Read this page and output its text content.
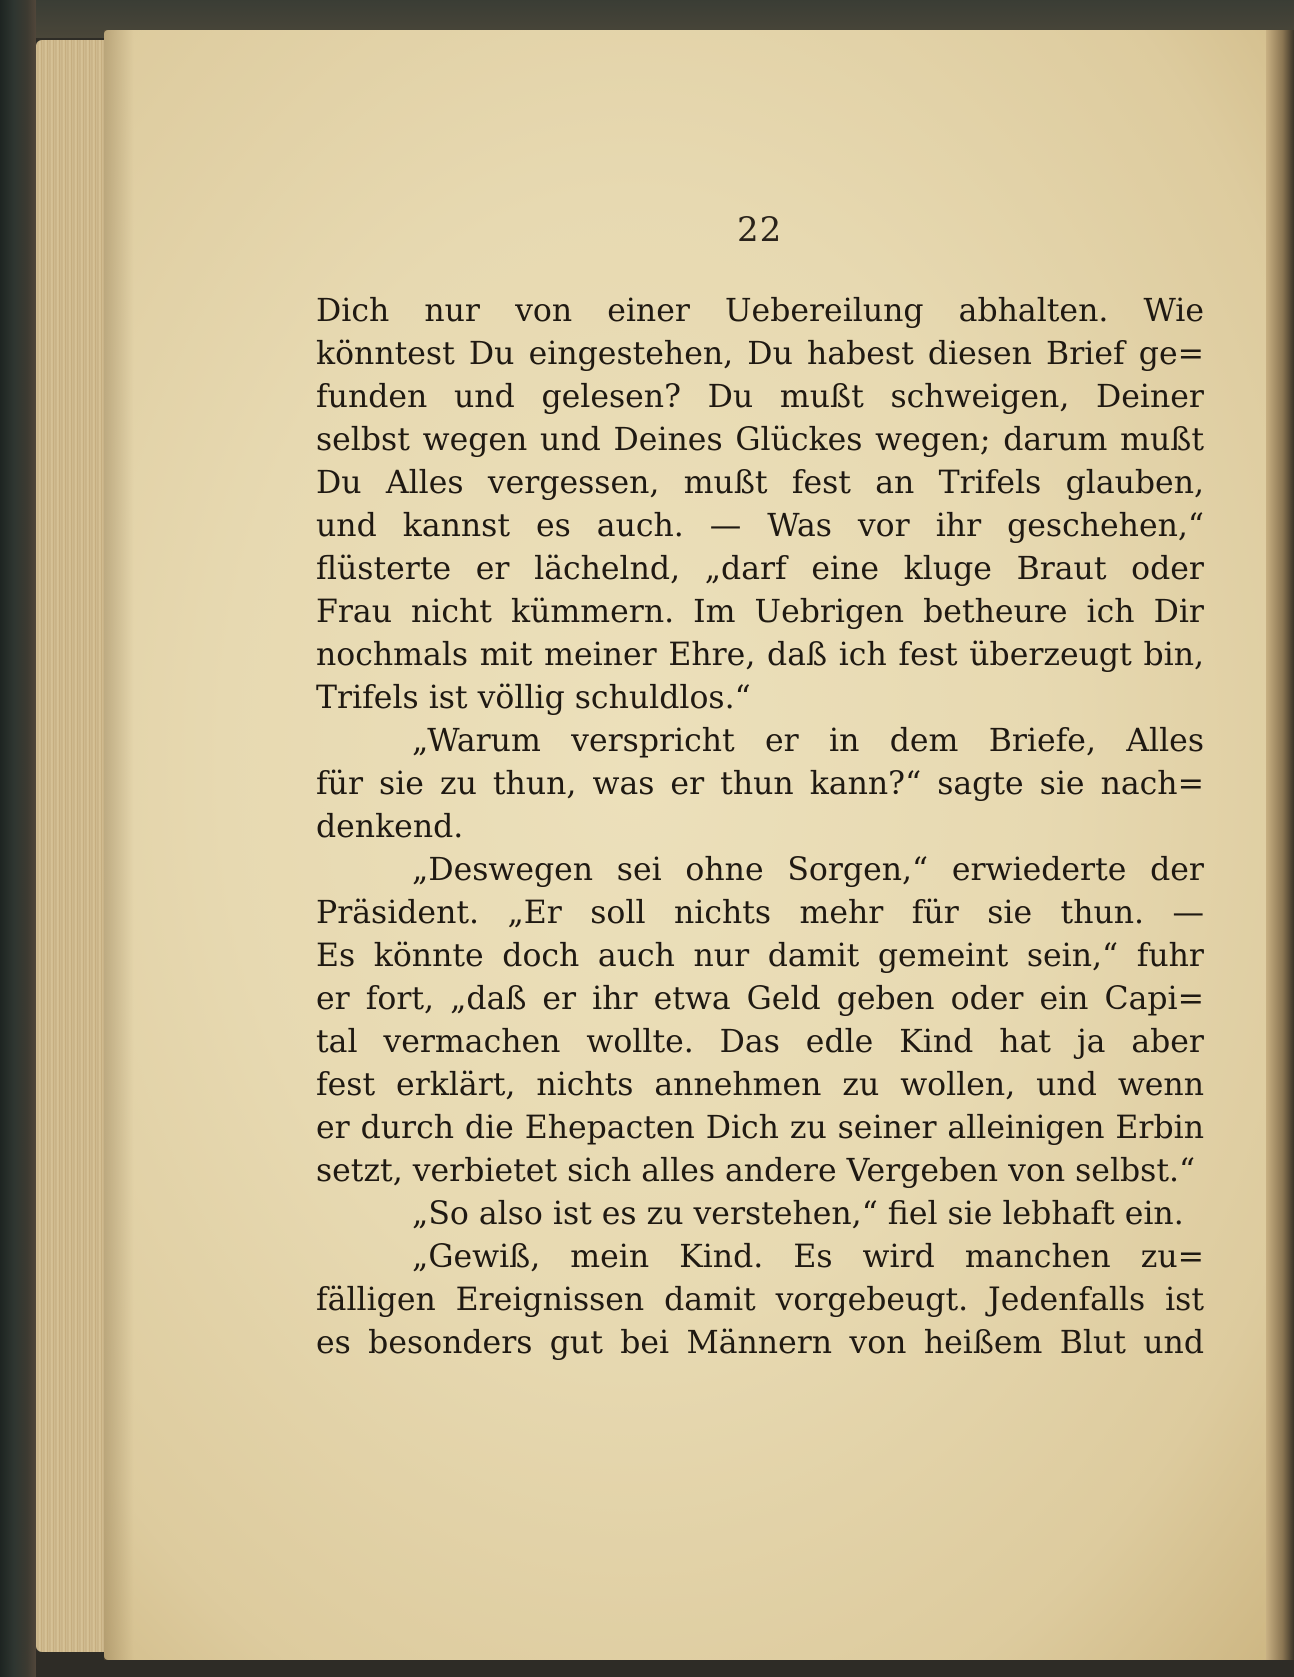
22
Dich nur von einer Uebereilung abhalten. Wie
könntest Du eingestehen, Du habest diesen Brief ge=
funden und gelesen? Du mußt schweigen, Deiner
selbst wegen und Deines Glückes wegen; darum mußt
Du Alles vergessen, mußt fest an Trifels glauben,
und kannst es auch. — Was vor ihr geschehen,“
flüsterte er lächelnd, „darf eine kluge Braut oder
Frau nicht kümmern. Im Uebrigen betheure ich Dir
nochmals mit meiner Ehre, daß ich fest überzeugt bin,
Trifels ist völlig schuldlos.“
„Warum verspricht er in dem Briefe, Alles
für sie zu thun, was er thun kann?“ sagte sie nach=
denkend.
„Deswegen sei ohne Sorgen,“ erwiederte der
Präsident. „Er soll nichts mehr für sie thun. —
Es könnte doch auch nur damit gemeint sein,“ fuhr
er fort, „daß er ihr etwa Geld geben oder ein Capi=
tal vermachen wollte. Das edle Kind hat ja aber
fest erklärt, nichts annehmen zu wollen, und wenn
er durch die Ehepacten Dich zu seiner alleinigen Erbin
setzt, verbietet sich alles andere Vergeben von selbst.“
„So also ist es zu verstehen,“ fiel sie lebhaft ein.
„Gewiß, mein Kind. Es wird manchen zu=
fälligen Ereignissen damit vorgebeugt. Jedenfalls ist
es besonders gut bei Männern von heißem Blut und
